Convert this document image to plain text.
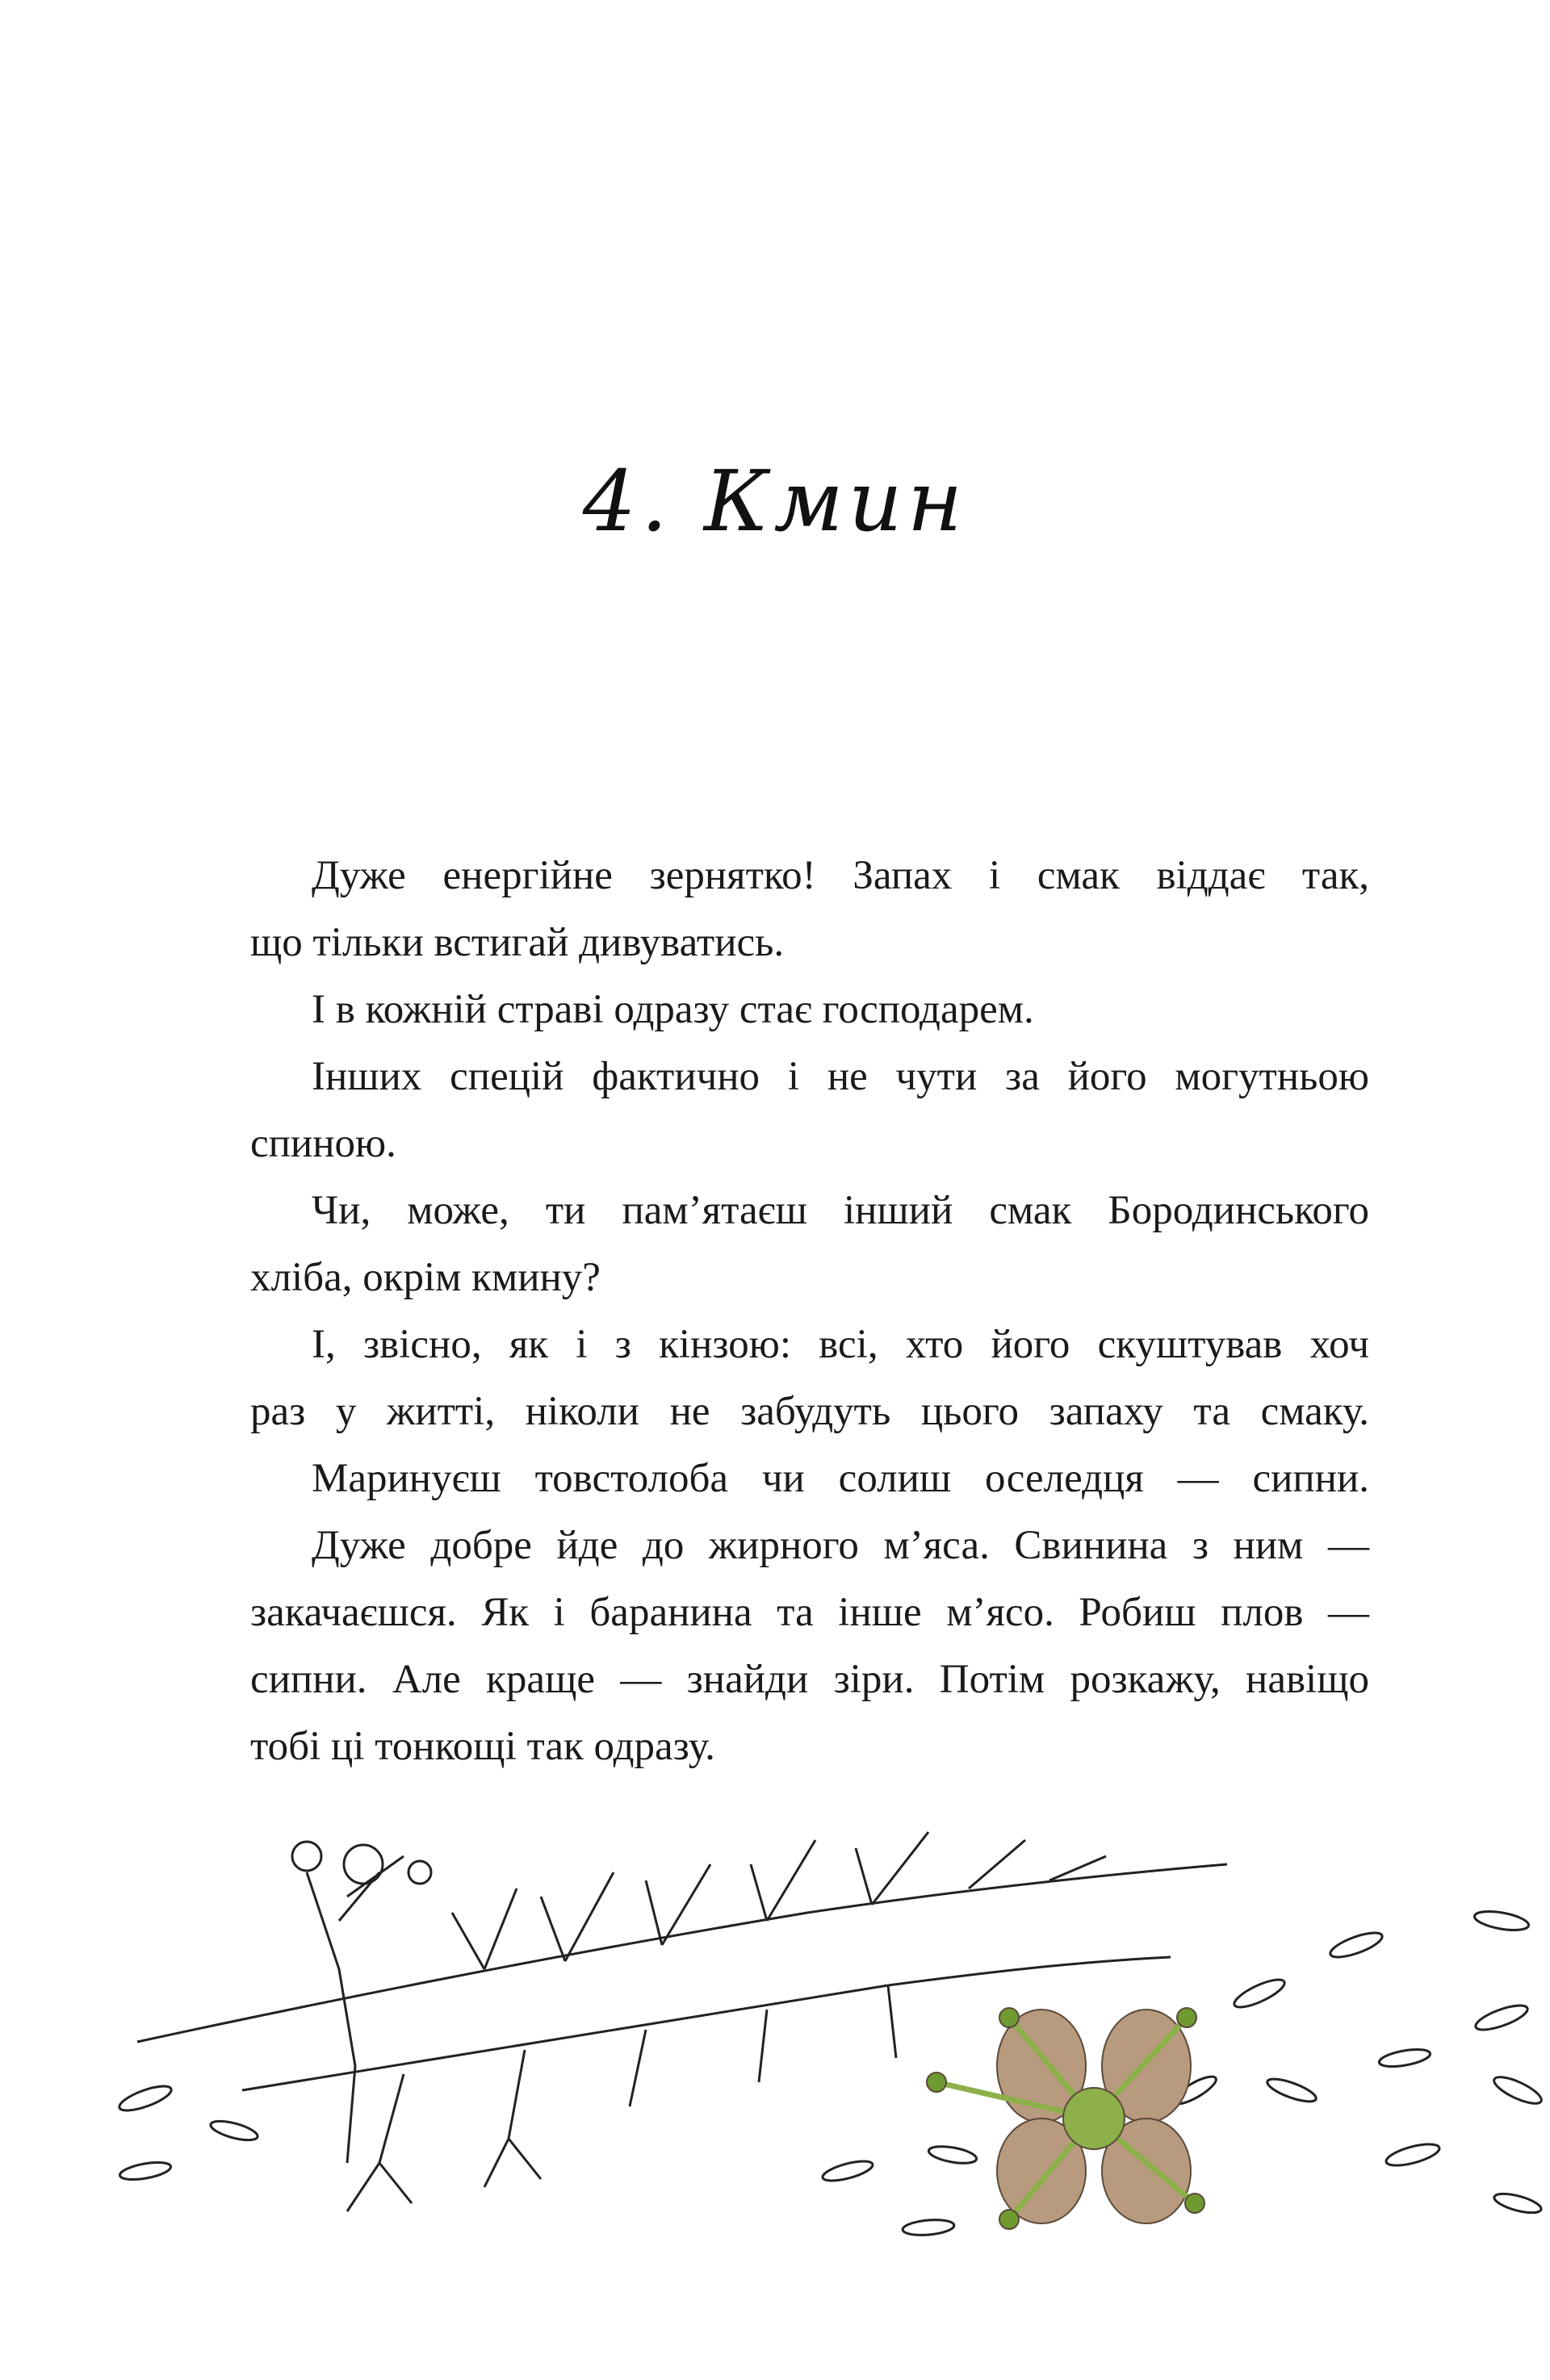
4. Кмин
Дуже енергійне зернятко! Запах і смак віддає так,
що тільки встигай дивуватись.
І в кожній страві одразу стає господарем.
Інших спецій фактично і не чути за його могутньою
спиною.
Чи, може, ти пам’ятаєш інший смак Бородинського
хліба, окрім кмину?
І, звісно, як і з кінзою: всі, хто його скуштував хоч
раз у житті, ніколи не забудуть цього запаху та смаку.
Маринуєш товстолоба чи солиш оселедця — сипни.
Дуже добре йде до жирного м’яса. Свинина з ним —
закачаєшся. Як і баранина та інше м’ясо. Робиш плов —
сипни. Але краще — знайди зіри. Потім розкажу, навіщо
тобі ці тонкощі так одразу.
